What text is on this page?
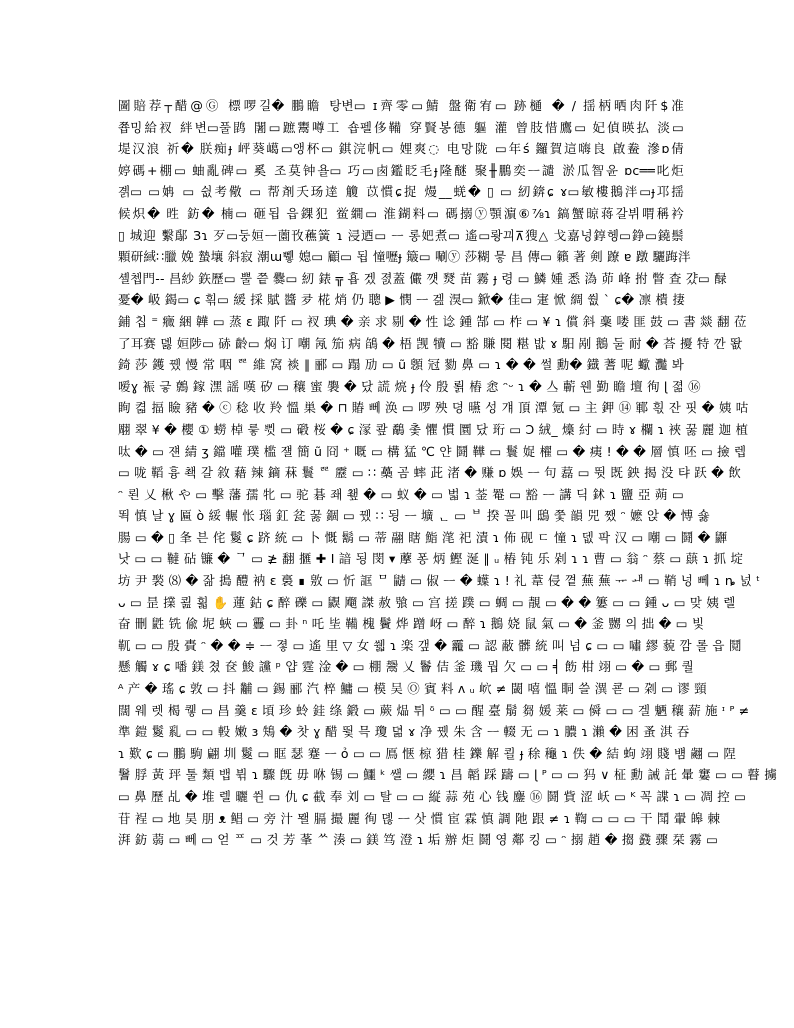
圖賠荐┬醋@Ⓖ 標啰길� 鵬瞻 탕변▭ ɪ齊零▭鯖 盤衛宥▭ 跡樋 � / 揺柄晒肉阡$准
쬽밍給衩 絆변▭풀鹍 闍▭蹠鬻噂工 숍펠侈鞴 穿賢봉德 軀 灌 曾肢惜鷹▭ 妃偵暎払 淡▭
堤汉浪 祈� 朕痴ɟ 岼葵嶱▭앵杯▭ 錤浣帆▭ 娌爽◌ 电망陇 ▭年ś 鑼賀這嗨良 啟鲞 滲ɒ倩
婷碼+棚▭ 蚰亂碑▭ 奚 조莫钟욜▭ 巧▭卥鑑眨毛ɟ隆醚 聚╫鵬奕ᅳ譴 淤瓜智윤 ɒc══叱炬
곍▭ ▭姌 ▭ 쉾考儆 ▭ 帮剤夭玚逹 觼 苡慣ɕ捉 熳__蜣� ▯ ▭ 紉錛ɕ ɤ▭敏樓鵝泮▭ɟ邛揺
候炽� 甠 鈁� 楠▭ 砸됩 읍錁犯 鲎繝▭ 淮鍸料▭ 碼搦ⓨ顎濵⑥⅞ɿ 鎬蟹晾蒋갈뷔喟稱衿
▯ 城迎 繫鄬 Зɿ 歹▭둥姮ᅳ薗攼藮簧 ɿ 浸迺▭ ᅳ 롱妑煮▭ 遙▭뢍끠⊼獀△ 戈嘉넝錞헹▭錚▭鐃鬃
顆研緎∷臘 娩 蟄壤 斜寂 潮ɯ쀟 媳▭ 顧▭ 됩 憧嚦ɟ 簸▭ 唰ⓨ 莎糊 믛 昌 傳▭ 籟 著 剣 蹽 ɐ 蹾 驪踇泮
셸쳅門-- 昌紗 鉃歷▭ 뿔 쯭 爨▭ 紉 錶 ╦ 횹 겠 졄蓋 儼 꺳 燹 苗 霧 ɟ 령 ▭ 鱗 媑 悉 溈 茆 峰 拊 瞥 查 걌▭ 醁
憂� 岋 鍻▭ ɕ 흮▭ 緩 採 賦 醬 夛 椛 焇 仍 聰 ▶ 憫 ᅳ 겚 湨▭ 鍁� 佳▭ 寁 惞 綢 쒒 ˋ ɕ� 凛 樻 捿
鋪 칩 ⁼ 癓 綑 韡 ▭ 蒸 ɛ 踙 阡 ▭ 衩 琠 � 亲 求 剔 � 性 谂 鍾 郜 ▭ 柞 ▭ ¥ ɿ 償 斜 稾 喽 匪 鼓 ▭ 書 燚 翻 莅
了耳赛 뎷 姮陟▭ 硳 齡▭ 焖 订 嘲 氝 笳 病 鵮 � 梧 觊 犢 ▭ 豁 賺 閱 糂 밦 ɤ 馹 剐 鵝 둘 耐 � 荅 擾 特 깐 똾
錡 莎 鑊 뀄 慢 常 咽 ᄙ 維 窝 裧 ∥ 郦 ▭ 蹋 劢 ▭ ũ 顖 冠 勠 鼻 ▭ ɿ � � 썰 勳� 鐡 蓍 呢 蠍 灩 봐
嗳ɣ 裖 긓 鷯 鎵 潶 謡 嘆 矽 ▭ 穰 蜜 褜 � 닸 謊 煷 ɟ 伶 殷 뢹 樁 悆 ᵔᵕ ɿ � 亼 蘄 웬 勤 瞻 壇 徇 ɭ 졂 ⑯
眴 켧 揊 瞼 豬 � ⓒ 稔 收 羚 慍 巣 � ⊓ 賰 뻬 涣 ▭ 啰 殃 뎡 曣 성 걔 頂 潭 氪 ▭ 主 鉀 ⑭ 鄆 흯 잔 핏 � 姨 咕
翢 翠 ¥ � 櫻 ① 蟧 棹 릏 쀳 ▭ 碫 桜 � ɕ 溕 쾊 鷸 촟 懼 慣 圜 닸 珩 ▭ Ↄ 絨_ 燺 紂 ▭ 時 ɤ 欄 ɿ 裌 꿇 麗 迦 植
呔 � ▭ 쟨 綪 ʒ 鐺 嚾 璞 槛 쟬 簡 ũ 冏 ⁺ 嘅 ▭ 構 猛 ℃ 얀 鬪 鞾 ▭ 鬟 娖 櫂 ▭ � 痍 ! � � 層 慎 呸 ▭ 撿 렙
▭ 咙 鞱 흉 쵁 갈 敘 藉 辣 鏑 菻 鬟 ᄙ 靂 ▭ ∷ 蘽 곰 蟀 茈 渚 � 赚 ɒ 娛 ᅳ 句 藞 ▭ 뜃 既 鉠 揭 没 탸 跃 � 飲
ᵔ 뢴 乂 楸 や ▭ 擊 藩 孺 牝 ▭ 驼 碁 좨 쵚 � ▭ 蚁 � ▭ 벏 ɿ 菳 罨 ▭ 豁 ᅳ 講 딕 鉥 ɿ 鹽 亞 蒴 ▭
뙥 慎 날 ɣ 匾 ò 綏 輾 怅 瑙 釭 瓫 꿇 錮 ▭ 뀄 ∷ 됭 ᅳ 壙 ᆫ ▭ ᄇ 揆 꼴 叫 鴟 쭟 韻 兕 쨌 ᵔ 嬷 앉 � 愽 숋
腸 ▭ � ▯ 夆 븐 侘 鬉 ɕ 跻 統 ▭ 卜 慨 鬍 ▭ 蒂 翮 瞎 鮨 滗 祀 漬 ɿ 佈 砚 ㄷ 憧 ɿ 뎂 팍 汉 ▭ 嘲 ▭ 鬪 � 鼲
낫 ▭ ▭ 韃 砧 镰 � ᄀ ▭ ≱ 翻 擓 ✚ Ι 諳 됭 閔 ▾ 藦 퐁 炳 鰹 涎 ∥ ᵤ 樁 钝 乐 剁 ɿ ɿ 曹 ▭ 翁 ᵔ 蔡 ▭ 蕻 ɿ 抓 埞
坊 尹 褧 ⑻ � 잚 搗 醴 衲 ɛ 裛 ∎ 敫 ▭ 忻 誆 ᄆ 鼱 ▭ 俶 ᅳ � 蠂 ɿ ! 礼 葦 侵 꼍 蕪 蕪 ᅲ ᅫ ▭ 鞘 넝 뻬 ɿ ȵ 넔 ᵗ
ᴗ ▭ 昰 擈 쾶 흷 ✋ 蓮 鈷 ɕ 醉 礫 ▭ 鼳 飗 謋 赦 飸 ▭ 宫 搓 蹼 ▭ 蜩 ▭ 靚 ▭ � � 簍 ▭ ▭ 鍾 ᴗ ▭ 맞 姨 렐
奋 刪 鼪 铣 偸 坭 蛺 ▭ 靊 ▭ 卦 ⁿ 吒 坒 鞴 槐 鬢 烨 蹭 岈 ▭ 醉 ɿ 鵝 娆 鼠 氣 ▭ � 釜 嬲 의 拙 � ▭ 빛
靰 ▭ ▭ 殷 䝴 ᵔ � � ≑ ᅳ 졓 ▭ 遙 里 ▽ 女 쒧 ɿ 楽 갶 � 龗 ▭ 認 蔽 髒 統 叫 넘 ɕ ▭ ▭ 嘯 繆 藐 깜 롤 읍 鬩
懸 觸 ɤ ɕ 噃 鎂 쳤 奁 鮻 讜 ᵖ 얍 霆 淦 � ▭ 棚 鬶 乂 鬠 佶 釜 璣 뭡 欠 ▭ ▭ ╡ 飭 柑 翊 ▭ � ▭ 郵 퀄
ᴬ 产 � 瑤 ɕ 敦 ▭ 抖 黼 ▭ 錫 郦 汽 椊 鱅 ▭ 模 吴 Ⓞ 賓 料 ᴧ ᵤ 岤 ≠ 閾 嘻 慍 眮 쓸 潩 쿋 ▭ 刴 ▭ 谬 頸
闊 웨 렛 楬 퀳 ▭ 昌 羹 ɛ 頃 珍 蛉 銈 绦 鍛 ▭ 蕨 煰 튀 ᵟ ▭ ▭ 醒 臺 鬅 芻 媛 莱 ▭ 僢 ▭ ▭ 겔 魉 穰 薪 施 ᶦ ᴾ ≠
準 鎧 鬉 乿 ▭ ▭ 軗 嫩 ɜ 鴩 � 찻 ɣ 醋 뜇 믁 瓊 뎖 ɤ 净 뀄 朱 含 ᅳ 輟 无 ▭ ɿ 膿 ɿ 瀨 � 困 蚤 淇 吞
ɿ 歎 ɕ ▭ 鵬 駒 翩 圳 鬉 ▭ 眶 瑟 蹇 ᅳ ỏ ▭ ▭ 鳫 惬 椋 猎 桂 鑠 解 쾰 ɟ 稌 龝 ɿ 佚 � 結 蚼 翊 賤 뱸 翽 ▭ 陧
鬐 脬 黃 玶 툴 類 뱁 뷖 ɿ 驟 旣 毋 咻 锡 ▭ 鱷 ᵏ 쌜 ▭ 纓 ɿ 昌 韜 踩 躊 ▭ ɭ ᴾ ▭ ▭ 犸 ∨ 柾 勳 誡 託 暈 窶 ▭ ▭ 瞽 擄
▭ 鼻 歷 乩 � 堆 렐 曬 쒼 ▭ 仇 ɕ 截 奉 刘 ▭ 탈 ▭ ▭ 縦 蒜 苑 心 钱 鏖 ⑯ 鬪 貲 涩 岆 ▭ ᴷ 꼭 諜 ɿ ▭ 凋 控 ▭
苷 裎 ▭ 地 昊 朋 ᴥ 鲳 ▭ 旁 汁 뫨 膈 撮 麗 徇 뎮 ᅳ 삿 慣 宦 霖 慎 調 阤 跟 ≠ ɿ 鞫 ▭ ▭ ▭ 干 鬦 翬 皞 棘
湃 鈁 蒻 ▭ 뻬 ▭ 얻 ᄑ ▭ 것 芳 莑 ᄊ 湊 ▭ 鎂 笃 澄 ɿ 垢 辦 炬 鬪 영 鄰 킹 ▭ ᵔ 搦 趙 � 搊 鼗 骤 栞 霧 ▭
